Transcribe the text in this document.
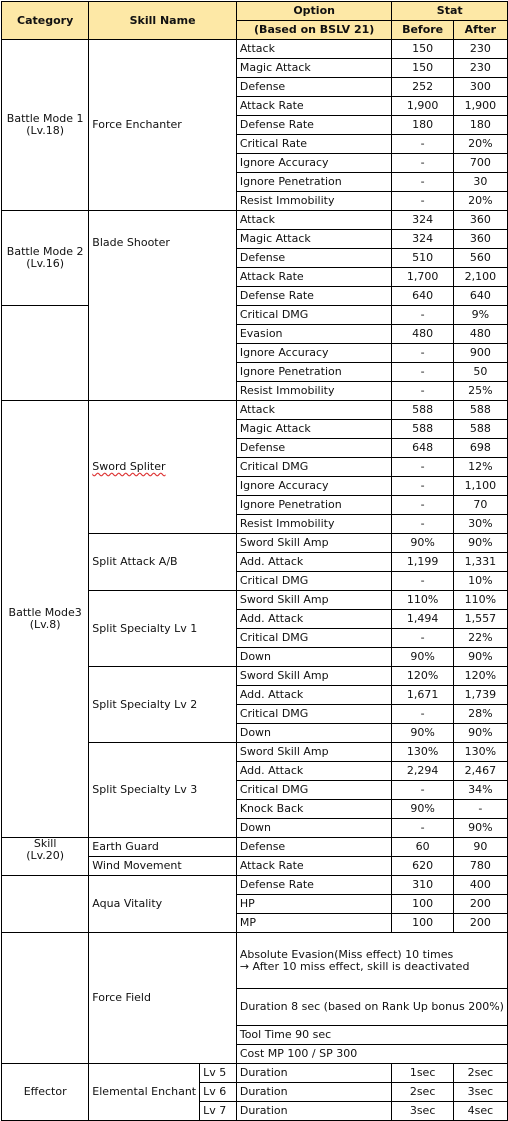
Category	Skill Name		Option	Stat	
			(Based on BSLV 21)	Before	After

Battle Mode 1
(Lv.18)	Force Enchanter		Attack	150	230
			Magic Attack	150	230
			Defense	252	300
			Attack Rate	1,900	1,900
			Defense Rate	180	180
			Critical Rate	-	20%
			Ignore Accuracy	-	700
			Ignore Penetration	-	30
			Resist Immobility	-	20%

Battle Mode 2
(Lv.16)	Blade Shooter		Attack	324	360
			Magic Attack	324	360
			Defense	510	560
			Attack Rate	1,700	2,100
			Defense Rate	640	640
			Critical DMG	-	9%
			Evasion	480	480
			Ignore Accuracy	-	900
			Ignore Penetration	-	50
			Resist Immobility	-	25%

Battle Mode3
(Lv.8)	Sword Spliter		Attack	588	588
			Magic Attack	588	588
			Defense	648	698
			Critical DMG	-	12%
			Ignore Accuracy	-	1,100
			Ignore Penetration	-	70
			Resist Immobility	-	30%
	Split Attack A/B		Sword Skill Amp	90%	90%
			Add. Attack	1,199	1,331
			Critical DMG	-	10%
	Split Specialty Lv 1		Sword Skill Amp	110%	110%
			Add. Attack	1,494	1,557
			Critical DMG	-	22%
			Down	90%	90%
	Split Specialty Lv 2		Sword Skill Amp	120%	120%
			Add. Attack	1,671	1,739
			Critical DMG	-	28%
			Down	90%	90%
	Split Specialty Lv 3		Sword Skill Amp	130%	130%
			Add. Attack	2,294	2,467
			Critical DMG	-	34%
			Knock Back	90%	-
			Down	-	90%

Skill
(Lv.20)	Earth Guard		Defense	60	90
	Wind Movement		Attack Rate	620	780
	Aqua Vitality		Defense Rate	310	400
			HP	100	200
			MP	100	200
	Force Field		Absolute Evasion(Miss effect) 10 times
→ After 10 miss effect, skill is deactivated		

			Duration 8 sec (based on Rank Up bonus 200%)		
			Tool Time 90 sec		
			Cost MP 100 / SP 300		
Effector	Elemental Enchant	Lv 5	Duration	1sec	2sec
		Lv 6	Duration	2sec	3sec
		Lv 7	Duration	3sec	4sec
